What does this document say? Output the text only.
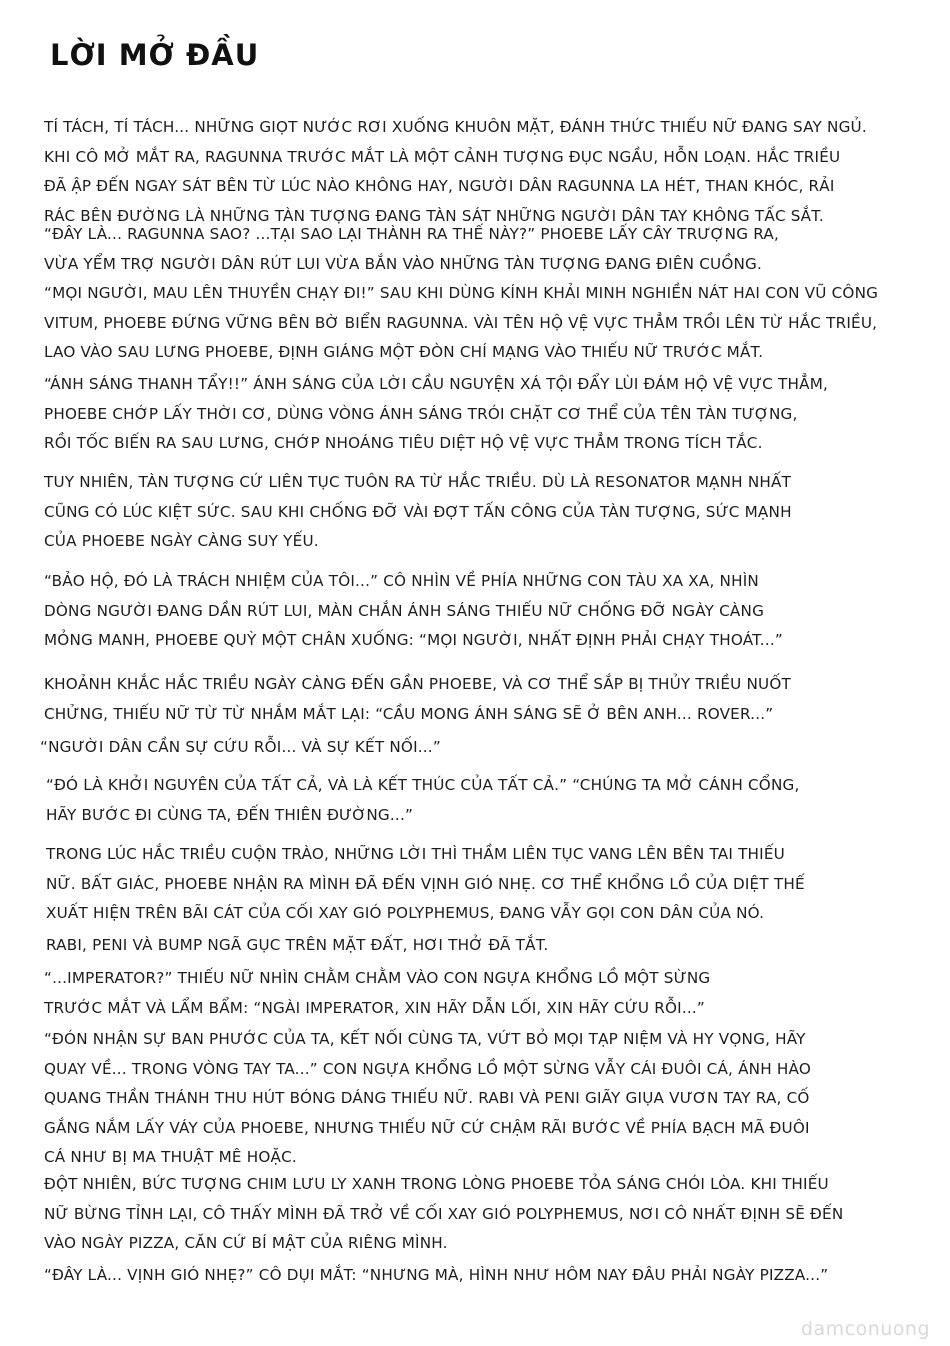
LỜI MỞ ĐẦU
TÍ TÁCH, TÍ TÁCH... NHỮNG GIỌT NƯỚC RƠI XUỐNG KHUÔN MẶT, ĐÁNH THỨC THIẾU NỮ ĐANG SAY NGỦ.
KHI CÔ MỞ MẮT RA, RAGUNNA TRƯỚC MẮT LÀ MỘT CẢNH TƯỢNG ĐỤC NGẦU, HỖN LOẠN. HẮC TRIỀU
ĐÃ ẬP ĐẾN NGAY SÁT BÊN TỪ LÚC NÀO KHÔNG HAY, NGƯỜI DÂN RAGUNNA LA HÉT, THAN KHÓC, RẢI
RÁC BÊN ĐƯỜNG LÀ NHỮNG TÀN TƯỢNG ĐANG TÀN SÁT NHỮNG NGƯỜI DÂN TAY KHÔNG TẤC SẮT.
“ĐÂY LÀ... RAGUNNA SAO? ...TẠI SAO LẠI THÀNH RA THẾ NÀY?” PHOEBE LẤY CÂY TRƯỢNG RA,
VỪA YỂM TRỢ NGƯỜI DÂN RÚT LUI VỪA BẮN VÀO NHỮNG TÀN TƯỢNG ĐANG ĐIÊN CUỒNG.
“MỌI NGƯỜI, MAU LÊN THUYỀN CHẠY ĐI!” SAU KHI DÙNG KÍNH KHẢI MINH NGHIỀN NÁT HAI CON VŨ CÔNG
VITUM, PHOEBE ĐỨNG VỮNG BÊN BỜ BIỂN RAGUNNA. VÀI TÊN HỘ VỆ VỰC THẲM TRỒI LÊN TỪ HẮC TRIỀU,
LAO VÀO SAU LƯNG PHOEBE, ĐỊNH GIÁNG MỘT ĐÒN CHÍ MẠNG VÀO THIẾU NỮ TRƯỚC MẮT.
“ÁNH SÁNG THANH TẨY!!” ÁNH SÁNG CỦA LỜI CẦU NGUYỆN XÁ TỘI ĐẨY LÙI ĐÁM HỘ VỆ VỰC THẲM,
PHOEBE CHỚP LẤY THỜI CƠ, DÙNG VÒNG ÁNH SÁNG TRÓI CHẶT CƠ THỂ CỦA TÊN TÀN TƯỢNG,
RỒI TỐC BIẾN RA SAU LƯNG, CHỚP NHOÁNG TIÊU DIỆT HỘ VỆ VỰC THẲM TRONG TÍCH TẮC.
TUY NHIÊN, TÀN TƯỢNG CỨ LIÊN TỤC TUÔN RA TỪ HẮC TRIỀU. DÙ LÀ RESONATOR MẠNH NHẤT
CŨNG CÓ LÚC KIỆT SỨC. SAU KHI CHỐNG ĐỠ VÀI ĐỢT TẤN CÔNG CỦA TÀN TƯỢNG, SỨC MẠNH
CỦA PHOEBE NGÀY CÀNG SUY YẾU.
“BẢO HỘ, ĐÓ LÀ TRÁCH NHIỆM CỦA TÔI...” CÔ NHÌN VỀ PHÍA NHỮNG CON TÀU XA XA, NHÌN
DÒNG NGƯỜI ĐANG DẦN RÚT LUI, MÀN CHẮN ÁNH SÁNG THIẾU NỮ CHỐNG ĐỠ NGÀY CÀNG
MỎNG MANH, PHOEBE QUỲ MỘT CHÂN XUỐNG: “MỌI NGƯỜI, NHẤT ĐỊNH PHẢI CHẠY THOÁT...”
KHOẢNH KHẮC HẮC TRIỀU NGÀY CÀNG ĐẾN GẦN PHOEBE, VÀ CƠ THỂ SẮP BỊ THỦY TRIỀU NUỐT
CHỬNG, THIẾU NỮ TỪ TỪ NHẮM MẮT LẠI: “CẦU MONG ÁNH SÁNG SẼ Ở BÊN ANH... ROVER...”
“NGƯỜI DÂN CẦN SỰ CỨU RỖI... VÀ SỰ KẾT NỐI...”
“ĐÓ LÀ KHỞI NGUYÊN CỦA TẤT CẢ, VÀ LÀ KẾT THÚC CỦA TẤT CẢ.” “CHÚNG TA MỞ CÁNH CỔNG,
HÃY BƯỚC ĐI CÙNG TA, ĐẾN THIÊN ĐƯỜNG...”
TRONG LÚC HẮC TRIỀU CUỘN TRÀO, NHỮNG LỜI THÌ THẦM LIÊN TỤC VANG LÊN BÊN TAI THIẾU
NỮ. BẤT GIÁC, PHOEBE NHẬN RA MÌNH ĐÃ ĐẾN VỊNH GIÓ NHẸ. CƠ THỂ KHỔNG LỒ CỦA DIỆT THẾ
XUẤT HIỆN TRÊN BÃI CÁT CỦA CỐI XAY GIÓ POLYPHEMUS, ĐANG VẪY GỌI CON DÂN CỦA NÓ.
RABI, PENI VÀ BUMP NGÃ GỤC TRÊN MẶT ĐẤT, HƠI THỞ ĐÃ TẮT.
“...IMPERATOR?” THIẾU NỮ NHÌN CHẰM CHẰM VÀO CON NGỰA KHỔNG LỒ MỘT SỪNG
TRƯỚC MẮT VÀ LẨM BẨM: “NGÀI IMPERATOR, XIN HÃY DẪN LỐI, XIN HÃY CỨU RỖI...”
“ĐÓN NHẬN SỰ BAN PHƯỚC CỦA TA, KẾT NỐI CÙNG TA, VỨT BỎ MỌI TẠP NIỆM VÀ HY VỌNG, HÃY
QUAY VỀ... TRONG VÒNG TAY TA...” CON NGỰA KHỔNG LỒ MỘT SỪNG VẪY CÁI ĐUÔI CÁ, ÁNH HÀO
QUANG THẦN THÁNH THU HÚT BÓNG DÁNG THIẾU NỮ. RABI VÀ PENI GIÃY GIỤA VƯƠN TAY RA, CỐ
GẮNG NẮM LẤY VÁY CỦA PHOEBE, NHƯNG THIẾU NỮ CỨ CHẬM RÃI BƯỚC VỀ PHÍA BẠCH MÃ ĐUÔI
CÁ NHƯ BỊ MA THUẬT MÊ HOẶC.
ĐỘT NHIÊN, BỨC TƯỢNG CHIM LƯU LY XANH TRONG LÒNG PHOEBE TỎA SÁNG CHÓI LÒA. KHI THIẾU
NỮ BỪNG TỈNH LẠI, CÔ THẤY MÌNH ĐÃ TRỞ VỀ CỐI XAY GIÓ POLYPHEMUS, NƠI CÔ NHẤT ĐỊNH SẼ ĐẾN
VÀO NGÀY PIZZA, CĂN CỨ BÍ MẬT CỦA RIÊNG MÌNH.
“ĐÂY LÀ... VỊNH GIÓ NHẸ?” CÔ DỤI MẮT: “NHƯNG MÀ, HÌNH NHƯ HÔM NAY ĐÂU PHẢI NGÀY PIZZA...”
damconuong
